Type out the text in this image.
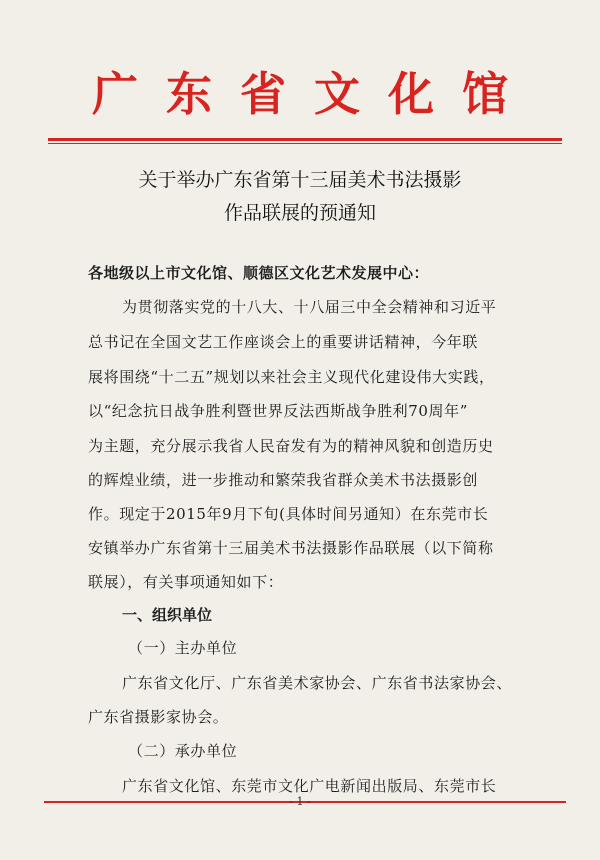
广东省文化馆
关于举办广东省第十三届美术书法摄影
作品联展的预通知
各地级以上市文化馆、顺德区文化艺术发展中心：
为贯彻落实党的十八大、十八届三中全会精神和习近平
总书记在全国文艺工作座谈会上的重要讲话精神，今年联
展将围绕“十二五”规划以来社会主义现代化建设伟大实践，
以“纪念抗日战争胜利暨世界反法西斯战争胜利70周年”
为主题，充分展示我省人民奋发有为的精神风貌和创造历史
的辉煌业绩，进一步推动和繁荣我省群众美术书法摄影创
作。现定于2015年9月下旬(具体时间另通知）在东莞市长
安镇举办广东省第十三届美术书法摄影作品联展（以下简称
联展），有关事项通知如下：
一、组织单位
（一）主办单位
广东省文化厅、广东省美术家协会、广东省书法家协会、
广东省摄影家协会。
（二）承办单位
广东省文化馆、东莞市文化广电新闻出版局、东莞市长
- 1 -
